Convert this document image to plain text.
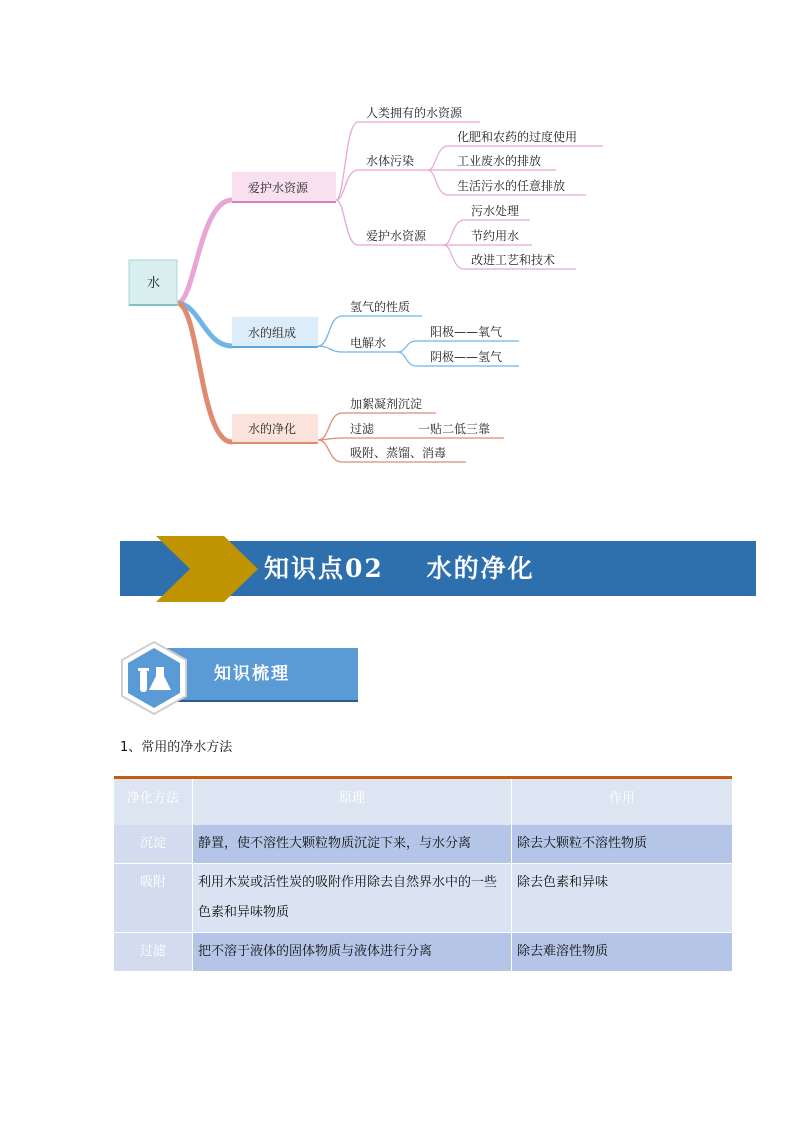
水
爱护水资源
人类拥有的水资源
水体污染
爱护水资源
化肥和农药的过度使用
工业废水的排放
生活污水的任意排放
污水处理
节约用水
改进工艺和技术
水的组成
氢气的性质
电解水
阳极——氧气
阴极——氢气
水的净化
加絮凝剂沉淀
过滤
吸附、蒸馏、消毒
一贴二低三靠
知识点02    水的净化
知识梳理
1、常用的净水方法
净化方法	原理	作用
沉淀	静置，使不溶性大颗粒物质沉淀下来，与水分离	除去大颗粒不溶性物质
吸附	利用木炭或活性炭的吸附作用除去自然界水中的一些色素和异味物质	除去色素和异味
过滤	把不溶于液体的固体物质与液体进行分离	除去难溶性物质
